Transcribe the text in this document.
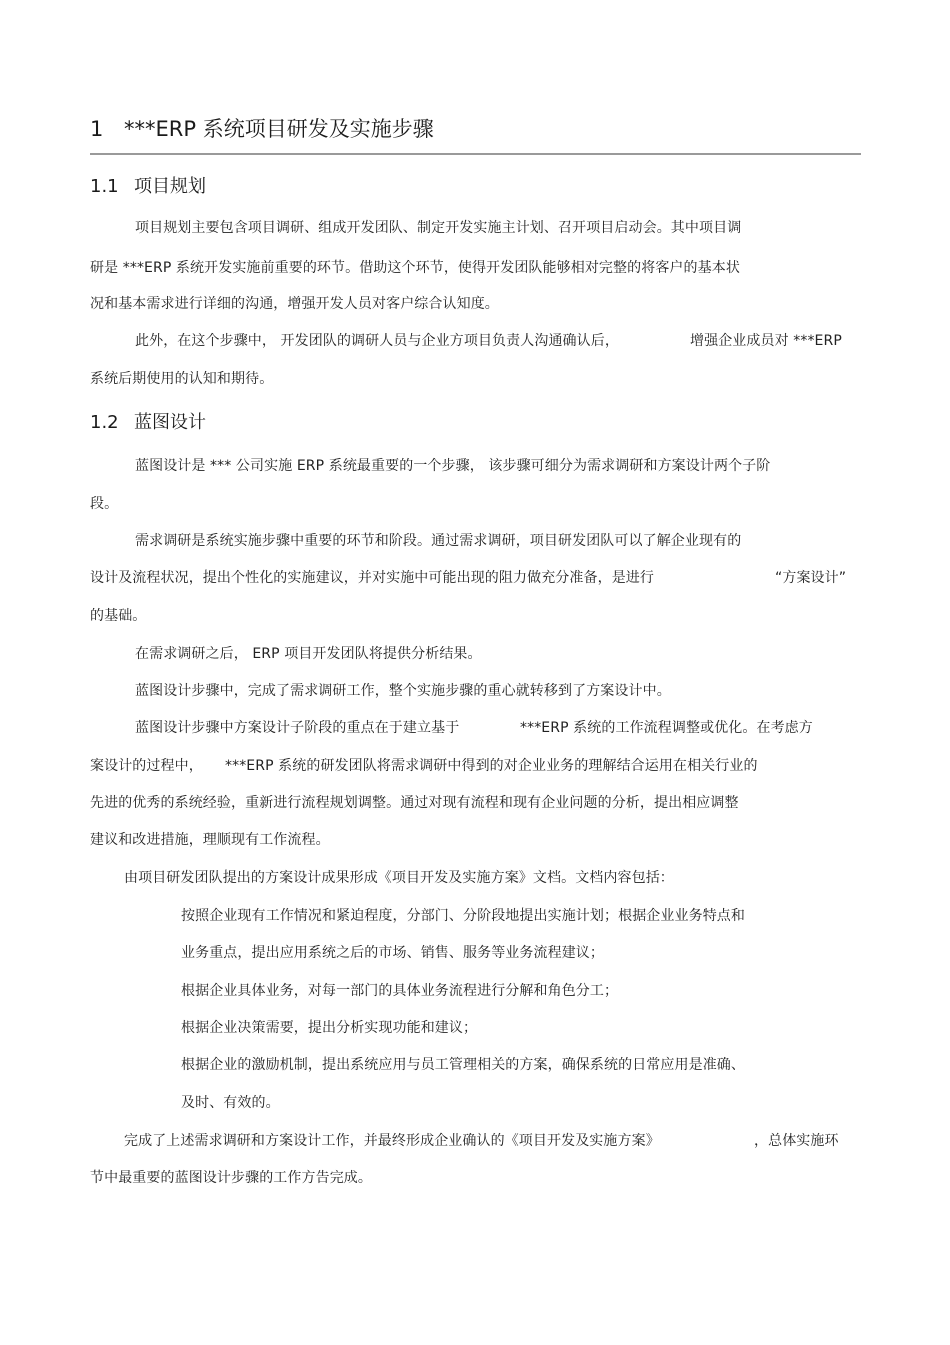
1 ***ERP 系统项目研发及实施步骤
1.1 项目规划
项目规划主要包含项目调研、组成开发团队、制定开发实施主计划、召开项目启动会。其中项目调
研是 ***ERP 系统开发实施前重要的环节。借助这个环节，使得开发团队能够相对完整的将客户的基本状
况和基本需求进行详细的沟通，增强开发人员对客户综合认知度。
此外，在这个步骤中， 开发团队的调研人员与企业方项目负责人沟通确认后，	增强企业成员对 ***ERP
系统后期使用的认知和期待。
1.2 蓝图设计
蓝图设计是 *** 公司实施 ERP 系统最重要的一个步骤， 该步骤可细分为需求调研和方案设计两个子阶
段。
需求调研是系统实施步骤中重要的环节和阶段。通过需求调研，项目研发团队可以了解企业现有的
设计及流程状况，提出个性化的实施建议，并对实施中可能出现的阻力做充分准备，是进行	“方案设计”
的基础。
在需求调研之后， ERP 项目开发团队将提供分析结果。
蓝图设计步骤中，完成了需求调研工作，整个实施步骤的重心就转移到了方案设计中。
蓝图设计步骤中方案设计子阶段的重点在于建立基于	***ERP 系统的工作流程调整或优化。在考虑方
案设计的过程中， ***ERP 系统的研发团队将需求调研中得到的对企业业务的理解结合运用在相关行业的
先进的优秀的系统经验，重新进行流程规划调整。通过对现有流程和现有企业问题的分析，提出相应调整
建议和改进措施，理顺现有工作流程。
由项目研发团队提出的方案设计成果形成《项目开发及实施方案》文档。文档内容包括：
按照企业现有工作情况和紧迫程度，分部门、分阶段地提出实施计划；根据企业业务特点和
业务重点，提出应用系统之后的市场、销售、服务等业务流程建议；
根据企业具体业务，对每一部门的具体业务流程进行分解和角色分工；
根据企业决策需要，提出分析实现功能和建议；
根据企业的激励机制，提出系统应用与员工管理相关的方案，确保系统的日常应用是准确、
及时、有效的。
完成了上述需求调研和方案设计工作，并最终形成企业确认的《项目开发及实施方案》	，总体实施环
节中最重要的蓝图设计步骤的工作方告完成。
